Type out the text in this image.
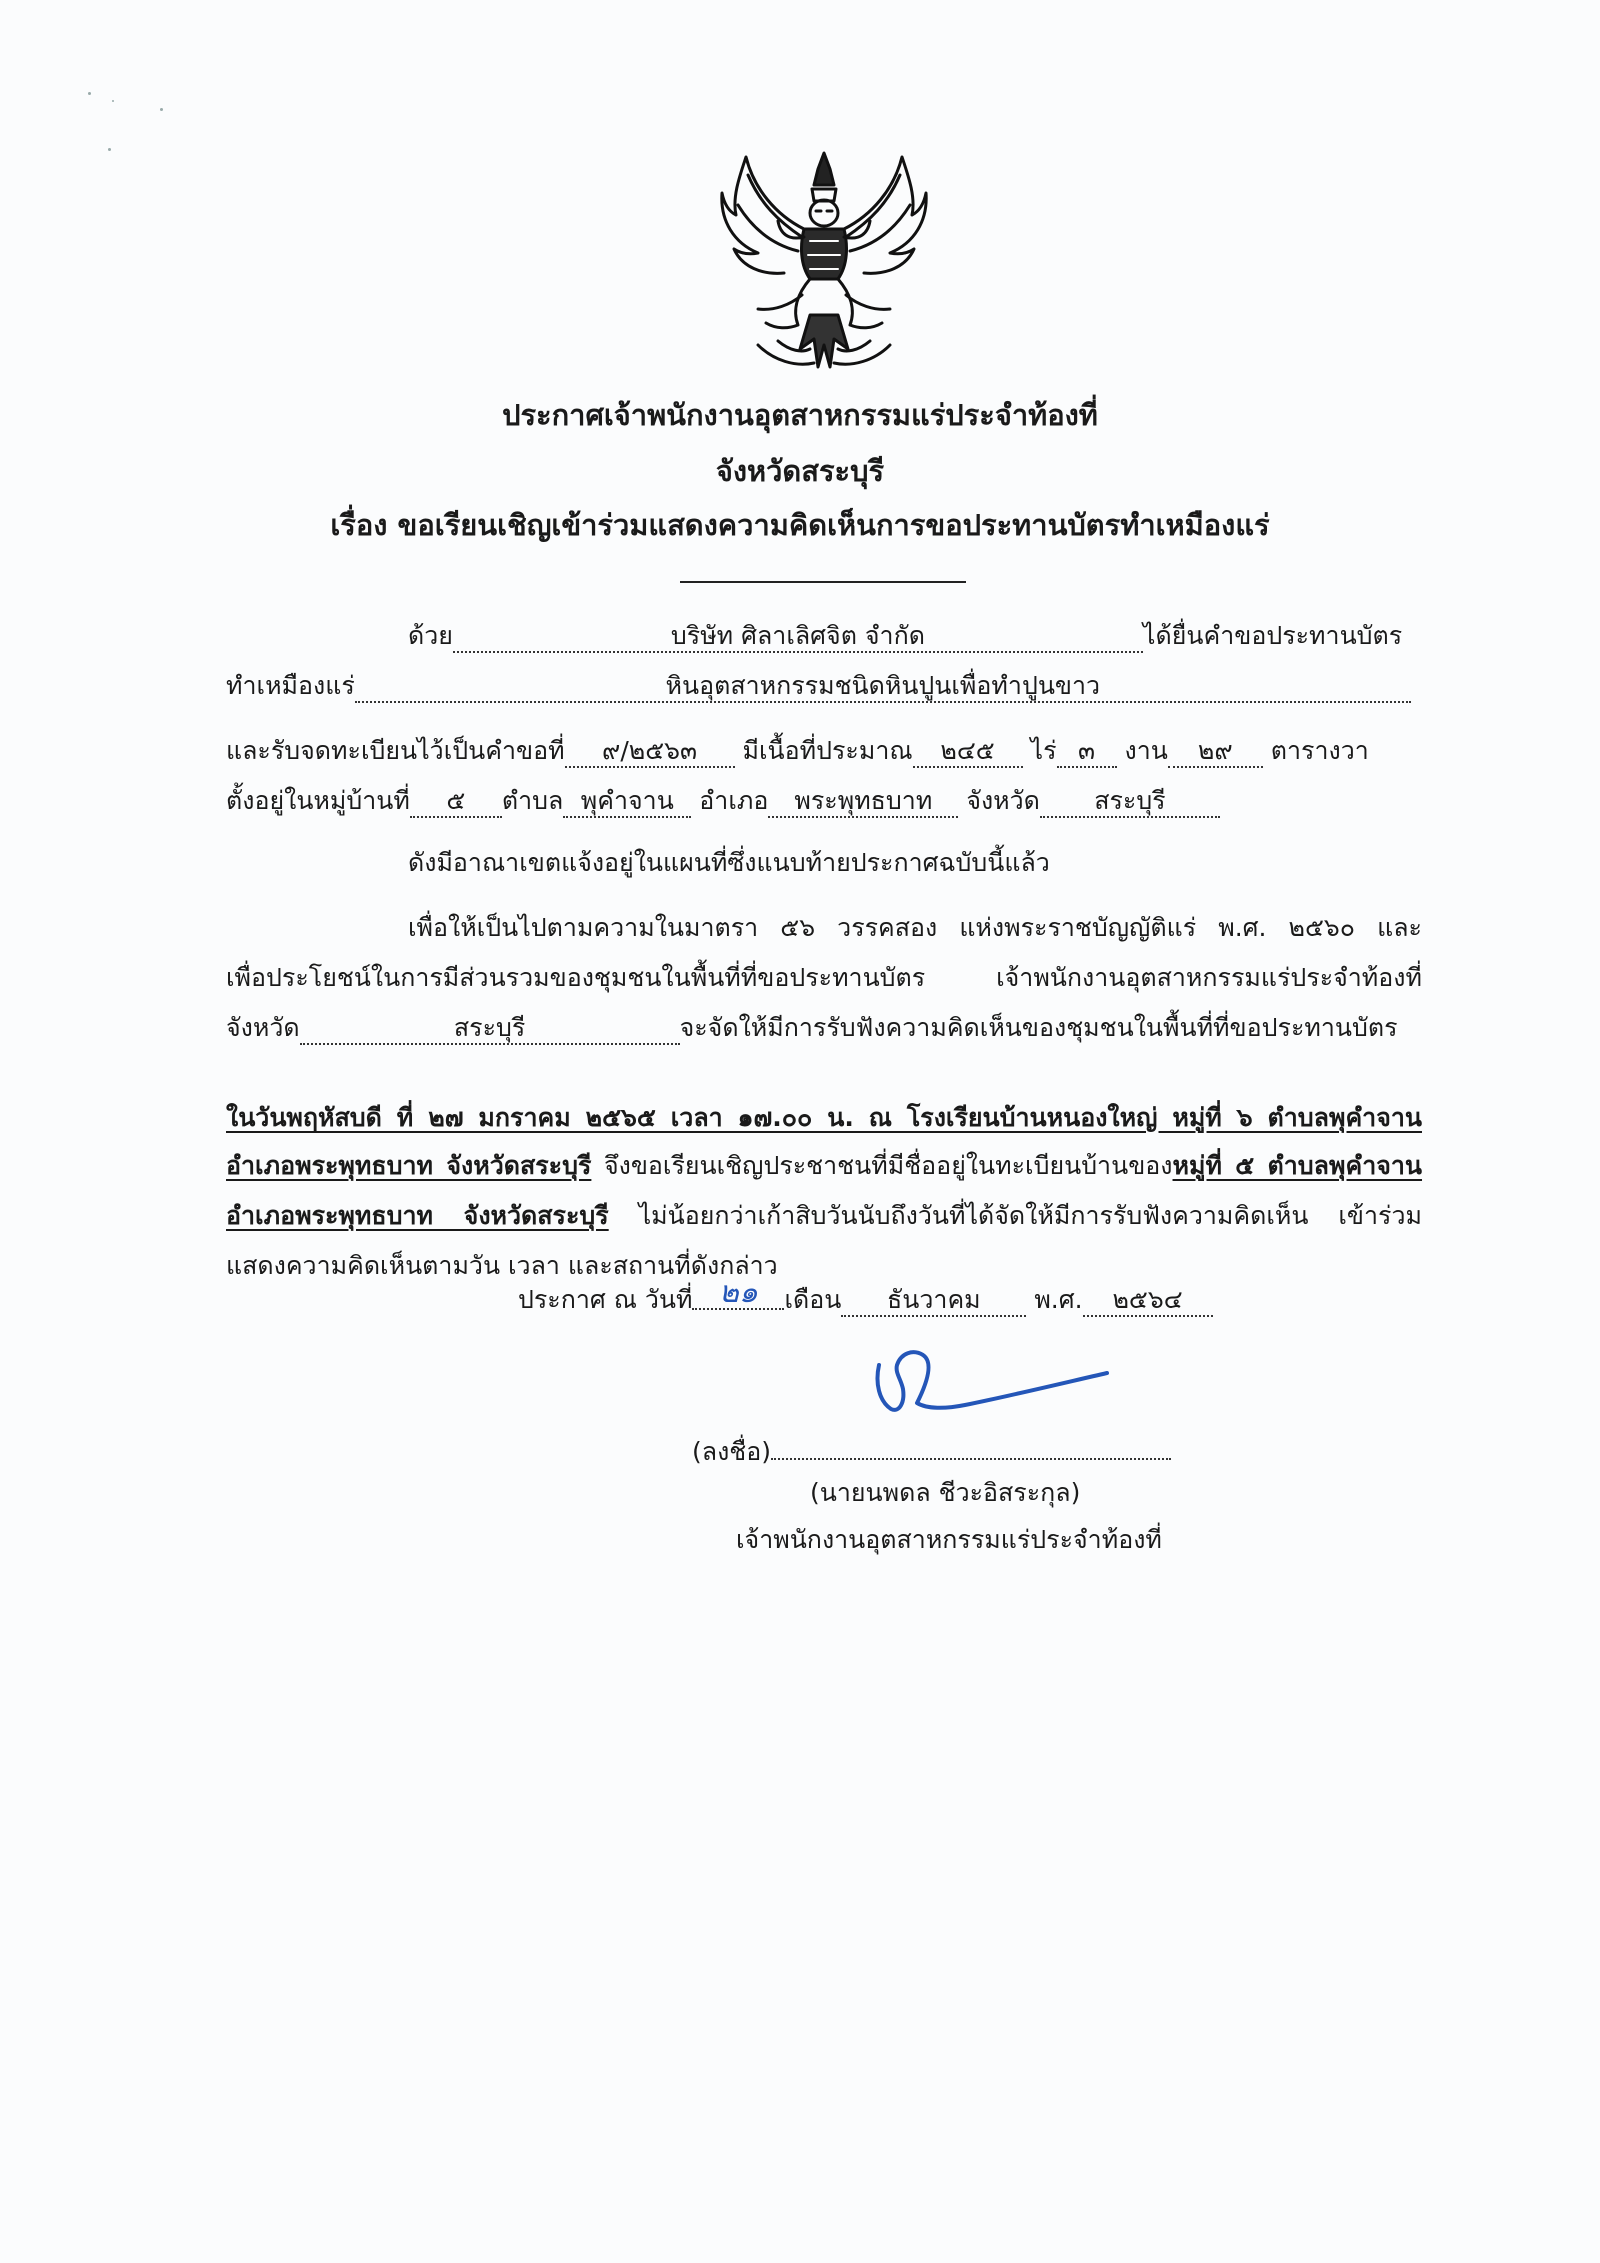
ประกาศเจ้าพนักงานอุตสาหกรรมแร่ประจำท้องที่
จังหวัดสระบุรี
เรื่อง ขอเรียนเชิญเข้าร่วมแสดงความคิดเห็นการขอประทานบัตรทำเหมืองแร่
ด้วย	บริษัท ศิลาเลิศจิต จำกัด	ได้ยื่นคำขอประทานบัตร
ทำเหมืองแร่	หินอุตสาหกรรมชนิดหินปูนเพื่อทำปูนขาว
และรับจดทะเบียนไว้เป็นคำขอที่ ๙/๒๕๖๓ มีเนื้อที่ประมาณ ๒๔๕ ไร่ ๓ งาน ๒๙ ตารางวา
ตั้งอยู่ในหมู่บ้านที่ ๕ ตำบล พุคำจาน อำเภอ พระพุทธบาท จังหวัด สระบุรี
ดังมีอาณาเขตแจ้งอยู่ในแผนที่ซึ่งแนบท้ายประกาศฉบับนี้แล้ว
เพื่อให้เป็นไปตามความในมาตรา ๕๖ วรรคสอง แห่งพระราชบัญญัติแร่ พ.ศ. ๒๕๖๐ และ
เพื่อประโยชน์ในการมีส่วนรวมของชุมชนในพื้นที่ที่ขอประทานบัตร เจ้าพนักงานอุตสาหกรรมแร่ประจำท้องที่
จังหวัด	สระบุรี	จะจัดให้มีการรับฟังความคิดเห็นของชุมชนในพื้นที่ที่ขอประทานบัตร
ในวันพฤหัสบดี ที่ ๒๗ มกราคม ๒๕๖๕ เวลา ๑๗.๐๐ น. ณ โรงเรียนบ้านหนองใหญ่ หมู่ที่ ๖ ตำบลพุคำจาน
อำเภอพระพุทธบาท จังหวัดสระบุรี จึงขอเรียนเชิญประชาชนที่มีชื่ออยู่ในทะเบียนบ้านของหมู่ที่ ๕ ตำบลพุคำจาน
อำเภอพระพุทธบาท จังหวัดสระบุรี ไม่น้อยกว่าเก้าสิบวันนับถึงวันที่ได้จัดให้มีการรับฟังความคิดเห็น เข้าร่วม
แสดงความคิดเห็นตามวัน เวลา และสถานที่ดังกล่าว
ประกาศ ณ วันที่ ๒๑ เดือน ธันวาคม พ.ศ. ๒๕๖๔
(ลงชื่อ)
(นายนพดล ชีวะอิสระกุล)
เจ้าพนักงานอุตสาหกรรมแร่ประจำท้องที่
